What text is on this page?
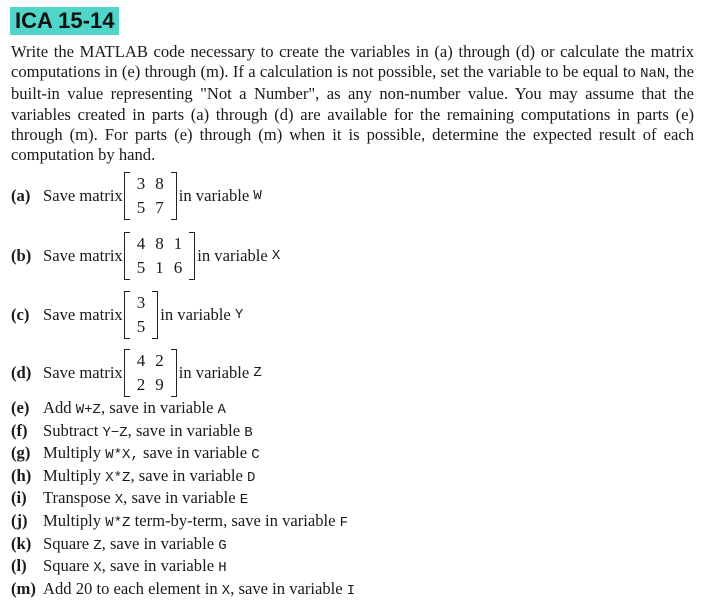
ICA 15-14
Write the MATLAB code necessary to create the variables in (a) through (d) or calculate the matrix computations in (e) through (m). If a calculation is not possible, set the variable to be equal to NaN, the built-in value representing "Not a Number", as any non-number value. You may assume that the variables created in parts (a) through (d) are available for the remaining computations in parts (e) through (m). For parts (e) through (m) when it is possible, determine the expected result of each computation by hand.
(a) Save matrix
3	8
5	7
in variable
W
(b) Save matrix
4	8	1
5	1	6
in variable
X
(c) Save matrix
3
5
in variable
Y
(d) Save matrix
4	2
2	9
in variable
Z
(e) Add W+Z, save in variable A
(f) Subtract Y−Z, save in variable B
(g) Multiply W*X, save in variable C
(h) Multiply X*Z, save in variable D
(i) Transpose X, save in variable E
(j) Multiply W*Z term-by-term, save in variable F
(k) Square Z, save in variable G
(l) Square X, save in variable H
(m) Add 20 to each element in X, save in variable I
